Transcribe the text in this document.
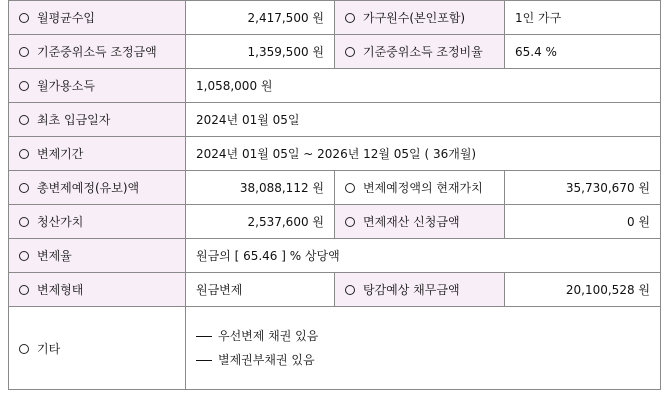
월평균수입	2,417,500 원	가구원수(본인포함)	1인 가구
기준중위소득 조정금액	1,359,500 원	기준중위소득 조정비율	65.4 %
월가용소득	1,058,000 원		
최초 입금일자	2024년 01월 05일		
변제기간	2024년 01월 05일 ~ 2026년 12월 05일 ( 36개월)		
총변제예정(유보)액	38,088,112 원	변제예정액의 현재가치	35,730,670 원
청산가치	2,537,600 원	면제재산 신청금액	0 원
변제율	원금의 [ 65.46 ] % 상당액		
변제형태	원금변제	탕감예상 채무금액	20,100,528 원
기타	우선변제 채권 있음
별제권부채권 있음		
